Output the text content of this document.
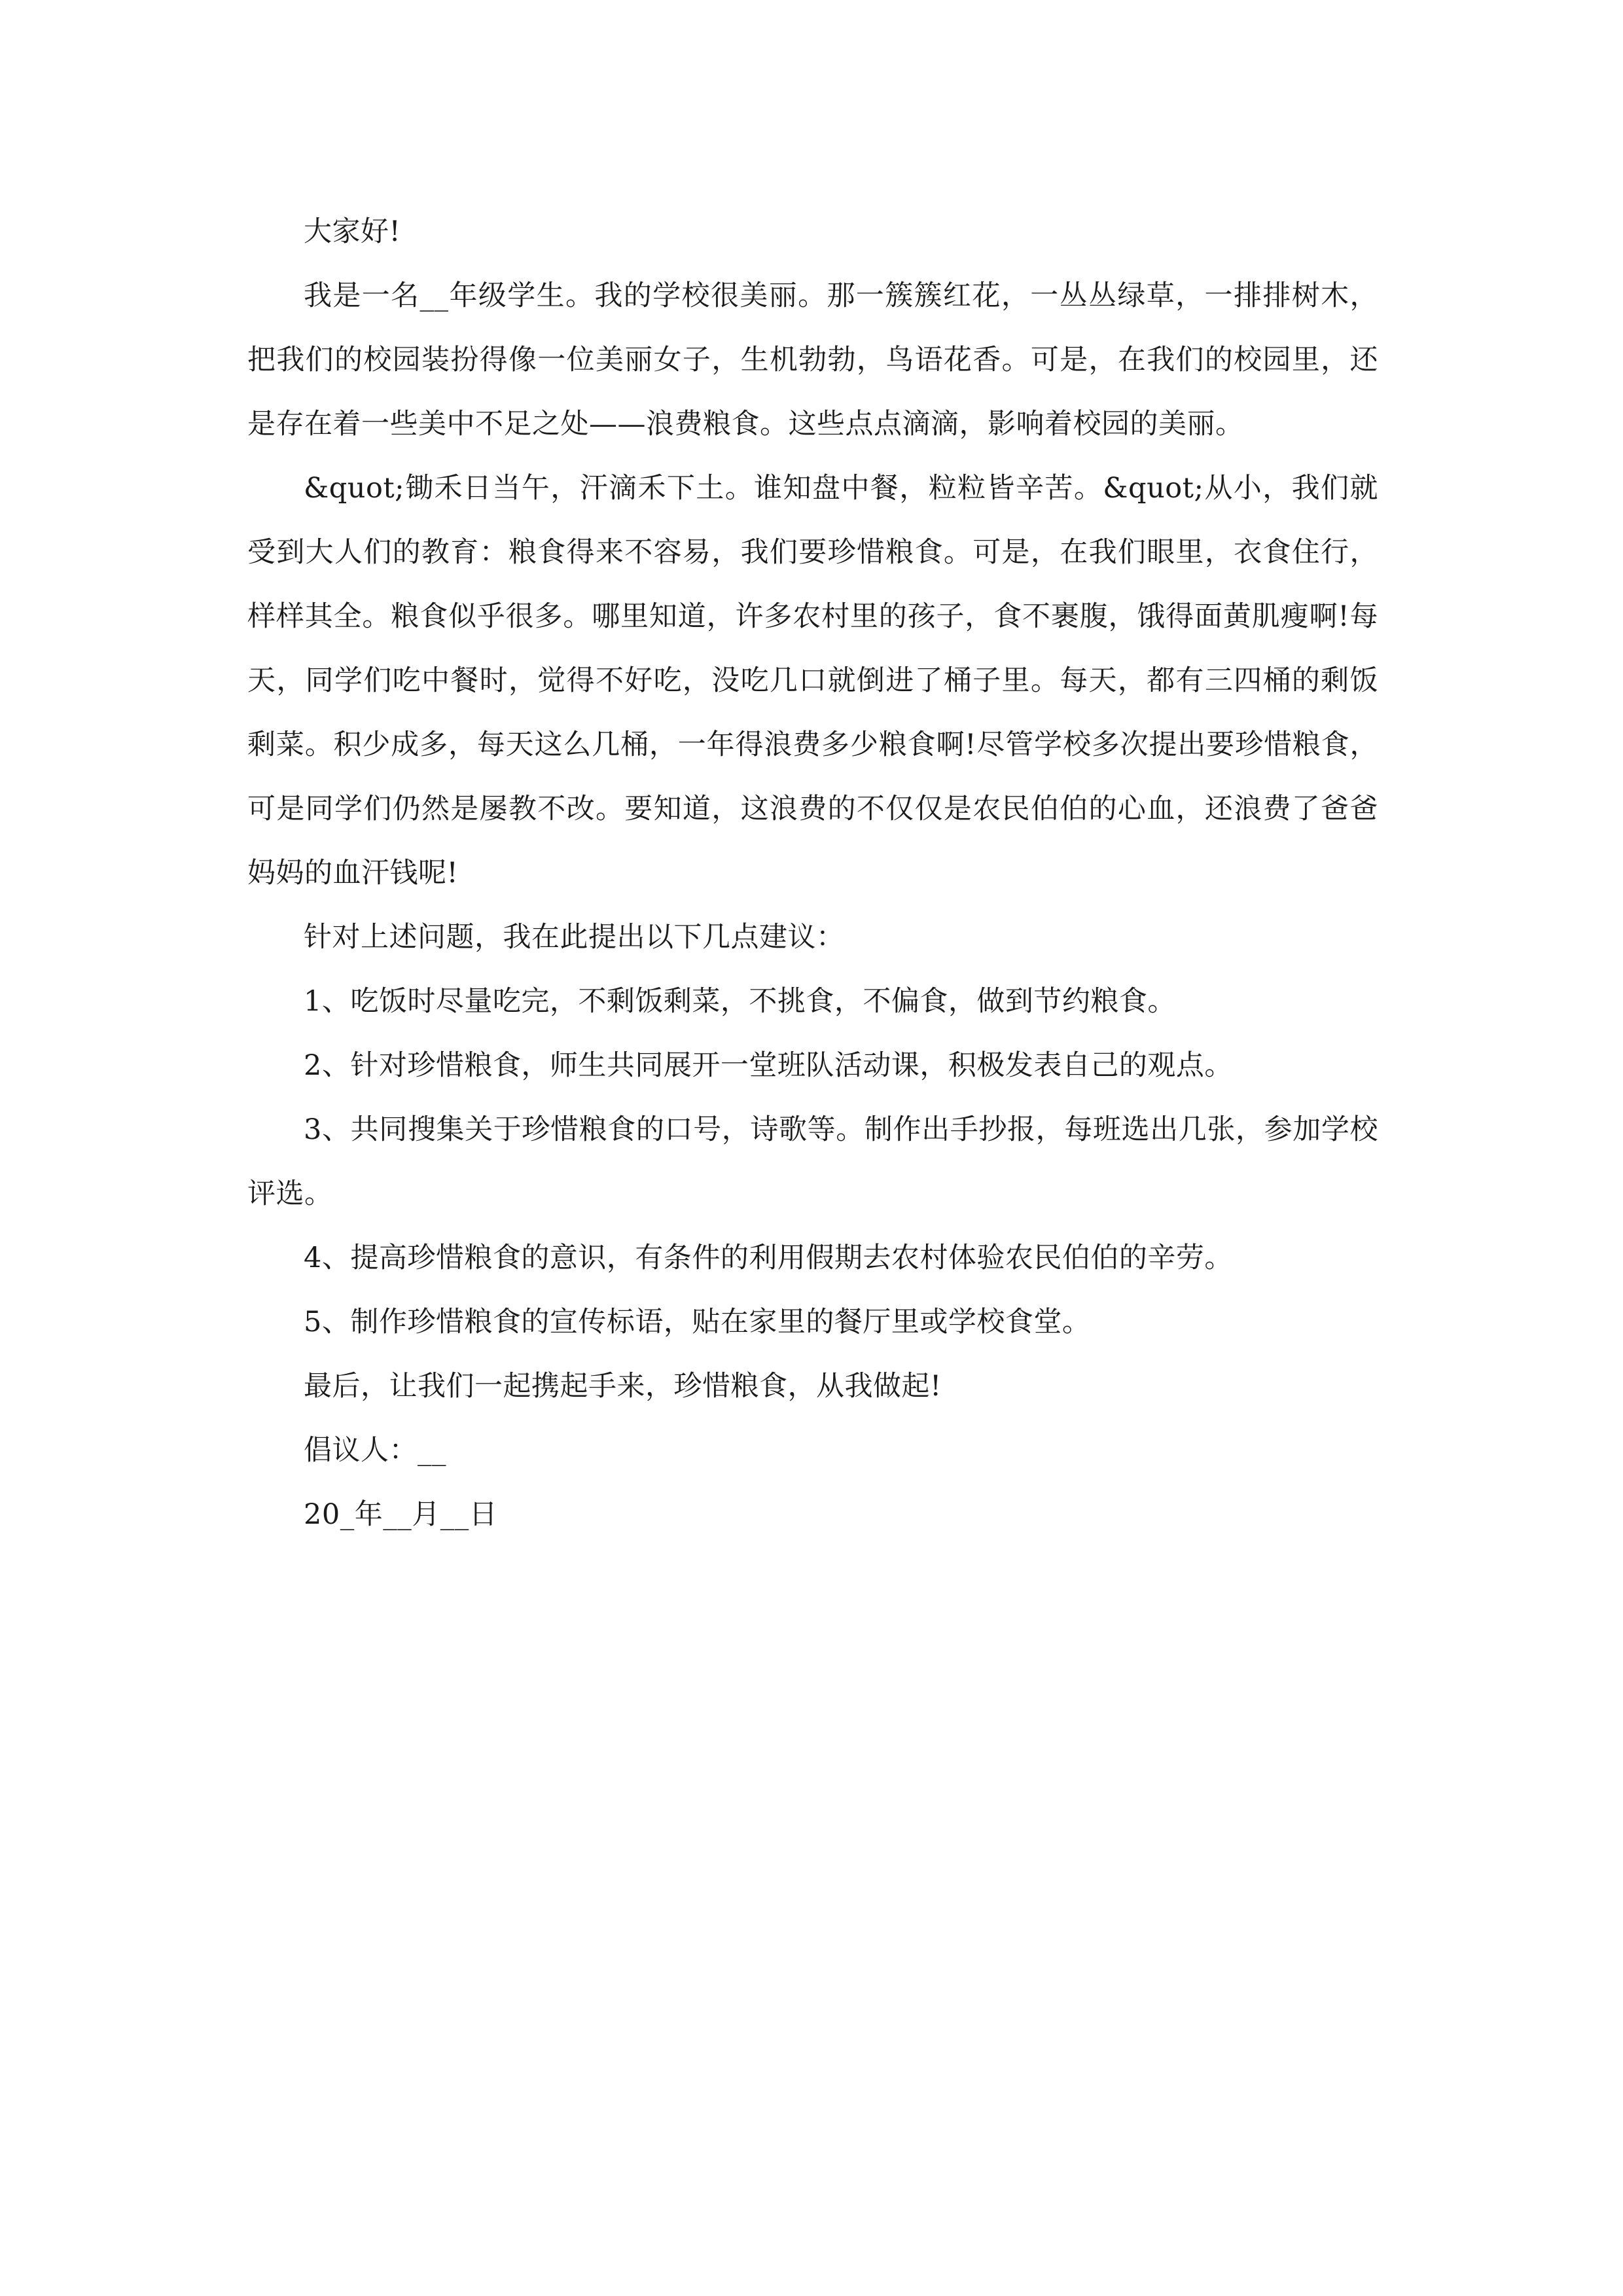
大家好!

我是一名__年级学生。我的学校很美丽。那一簇簇红花，一丛丛绿草，一排排树木，把我们的校园装扮得像一位美丽女子，生机勃勃，鸟语花香。可是，在我们的校园里，还是存在着一些美中不足之处——浪费粮食。这些点点滴滴，影响着校园的美丽。

&quot;锄禾日当午，汗滴禾下土。谁知盘中餐，粒粒皆辛苦。&quot;从小，我们就受到大人们的教育：粮食得来不容易，我们要珍惜粮食。可是，在我们眼里，衣食住行，样样其全。粮食似乎很多。哪里知道，许多农村里的孩子，食不裹腹，饿得面黄肌瘦啊!每天，同学们吃中餐时，觉得不好吃，没吃几口就倒进了桶子里。每天，都有三四桶的剩饭剩菜。积少成多，每天这么几桶，一年得浪费多少粮食啊!尽管学校多次提出要珍惜粮食，可是同学们仍然是屡教不改。要知道，这浪费的不仅仅是农民伯伯的心血，还浪费了爸爸妈妈的血汗钱呢!

针对上述问题，我在此提出以下几点建议：

1、吃饭时尽量吃完，不剩饭剩菜，不挑食，不偏食，做到节约粮食。

2、针对珍惜粮食，师生共同展开一堂班队活动课，积极发表自己的观点。

3、共同搜集关于珍惜粮食的口号，诗歌等。制作出手抄报，每班选出几张，参加学校评选。

4、提高珍惜粮食的意识，有条件的利用假期去农村体验农民伯伯的辛劳。

5、制作珍惜粮食的宣传标语，贴在家里的餐厅里或学校食堂。

最后，让我们一起携起手来，珍惜粮食，从我做起!

倡议人：__

20_年__月__日
